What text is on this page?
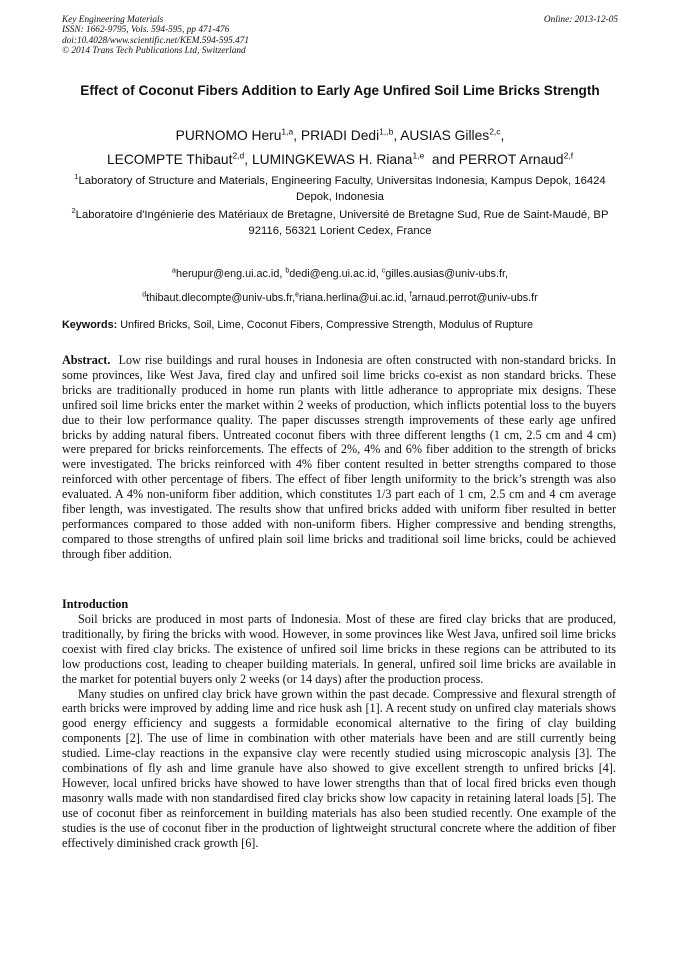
Key Engineering Materials
ISSN: 1662-9795, Vols. 594-595, pp 471-476
doi:10.4028/www.scientific.net/KEM.594-595.471
© 2014 Trans Tech Publications Ltd, Switzerland
Online: 2013-12-05
Effect of Coconut Fibers Addition to Early Age Unfired Soil Lime Bricks Strength
PURNOMO Heru$^{1,a}$, PRIADI Dedi$^{1,,b}$, AUSIAS Gilles$^{2,c}$,
LECOMPTE Thibaut$^{2,d}$, LUMINGKEWAS H. Riana$^{1,e}$  and PERROT Arnaud$^{2,f}$
$^1$Laboratory of Structure and Materials, Engineering Faculty, Universitas Indonesia, Kampus Depok, 16424 Depok, Indonesia
$^2$Laboratoire d'Ingénierie des Matériaux de Bretagne, Université de Bretagne Sud, Rue de Saint-Maudé, BP 92116, 56321 Lorient Cedex, France
$^a$herupur@eng.ui.ac.id, $^b$dedi@eng.ui.ac.id, $^c$gilles.ausias@univ-ubs.fr,
$^d$thibaut.dlecompte@univ-ubs.fr,$^e$riana.herlina@ui.ac.id, $^f$arnaud.perrot@univ-ubs.fr
Keywords: Unfired Bricks, Soil, Lime, Coconut Fibers, Compressive Strength, Modulus of Rupture
Abstract.  Low rise buildings and rural houses in Indonesia are often constructed with non-standard bricks. In some provinces, like West Java, fired clay and unfired soil lime bricks co-exist as non standard bricks. These bricks are traditionally produced in home run plants with little adherance to appropriate mix designs. These unfired soil lime bricks enter the market within 2 weeks of production, which inflicts potential loss to the buyers due to their low performance quality. The paper discusses strength improvements of these early age unfired bricks by adding natural fibers. Untreated coconut fibers with three different lengths (1 cm, 2.5 cm and 4 cm) were prepared for bricks reinforcements. The effects of 2%, 4% and 6% fiber addition to the strength of bricks were investigated. The bricks reinforced with 4% fiber content resulted in better strengths compared to those reinforced with other percentage of fibers. The effect of fiber length uniformity to the brick’s strength was also evaluated. A 4% non-uniform fiber addition, which constitutes 1/3 part each of 1 cm, 2.5 cm and 4 cm average fiber length, was investigated. The results show that unfired bricks added with uniform fiber resulted in better performances compared to those added with non-uniform fibers. Higher compressive and bending strengths, compared to those strengths of unfired plain soil lime bricks and traditional soil lime bricks, could be achieved through fiber addition.
Introduction
Soil bricks are produced in most parts of Indonesia. Most of these are fired clay bricks that are produced, traditionally, by firing the bricks with wood. However, in some provinces like West Java, unfired soil lime bricks coexist with fired clay bricks. The existence of unfired soil lime bricks in these regions can be attributed to its low productions cost, leading to cheaper building materials. In general, unfired soil lime bricks are available in the market for potential buyers only 2 weeks (or 14 days) after the production process.
Many studies on unfired clay brick have grown within the past decade. Compressive and flexural strength of earth bricks were improved by adding lime and rice husk ash [1]. A recent study on unfired clay materials shows good energy efficiency and suggests a formidable economical alternative to the firing of clay building components [2]. The use of lime in combination with other materials have been and are still currently being studied. Lime-clay reactions in the expansive clay were recently studied using microscopic analysis [3]. The combinations of fly ash and lime granule have also showed to give excellent strength to unfired bricks [4]. However, local unfired bricks have showed to have lower strengths than that of local fired bricks even though masonry walls made with non standardised fired clay bricks show low capacity in retaining lateral loads [5]. The use of coconut fiber as reinforcement in building materials has also been studied recently. One example of the studies is the use of coconut fiber in the production of lightweight structural concrete where the addition of fiber effectively diminished crack growth [6].
